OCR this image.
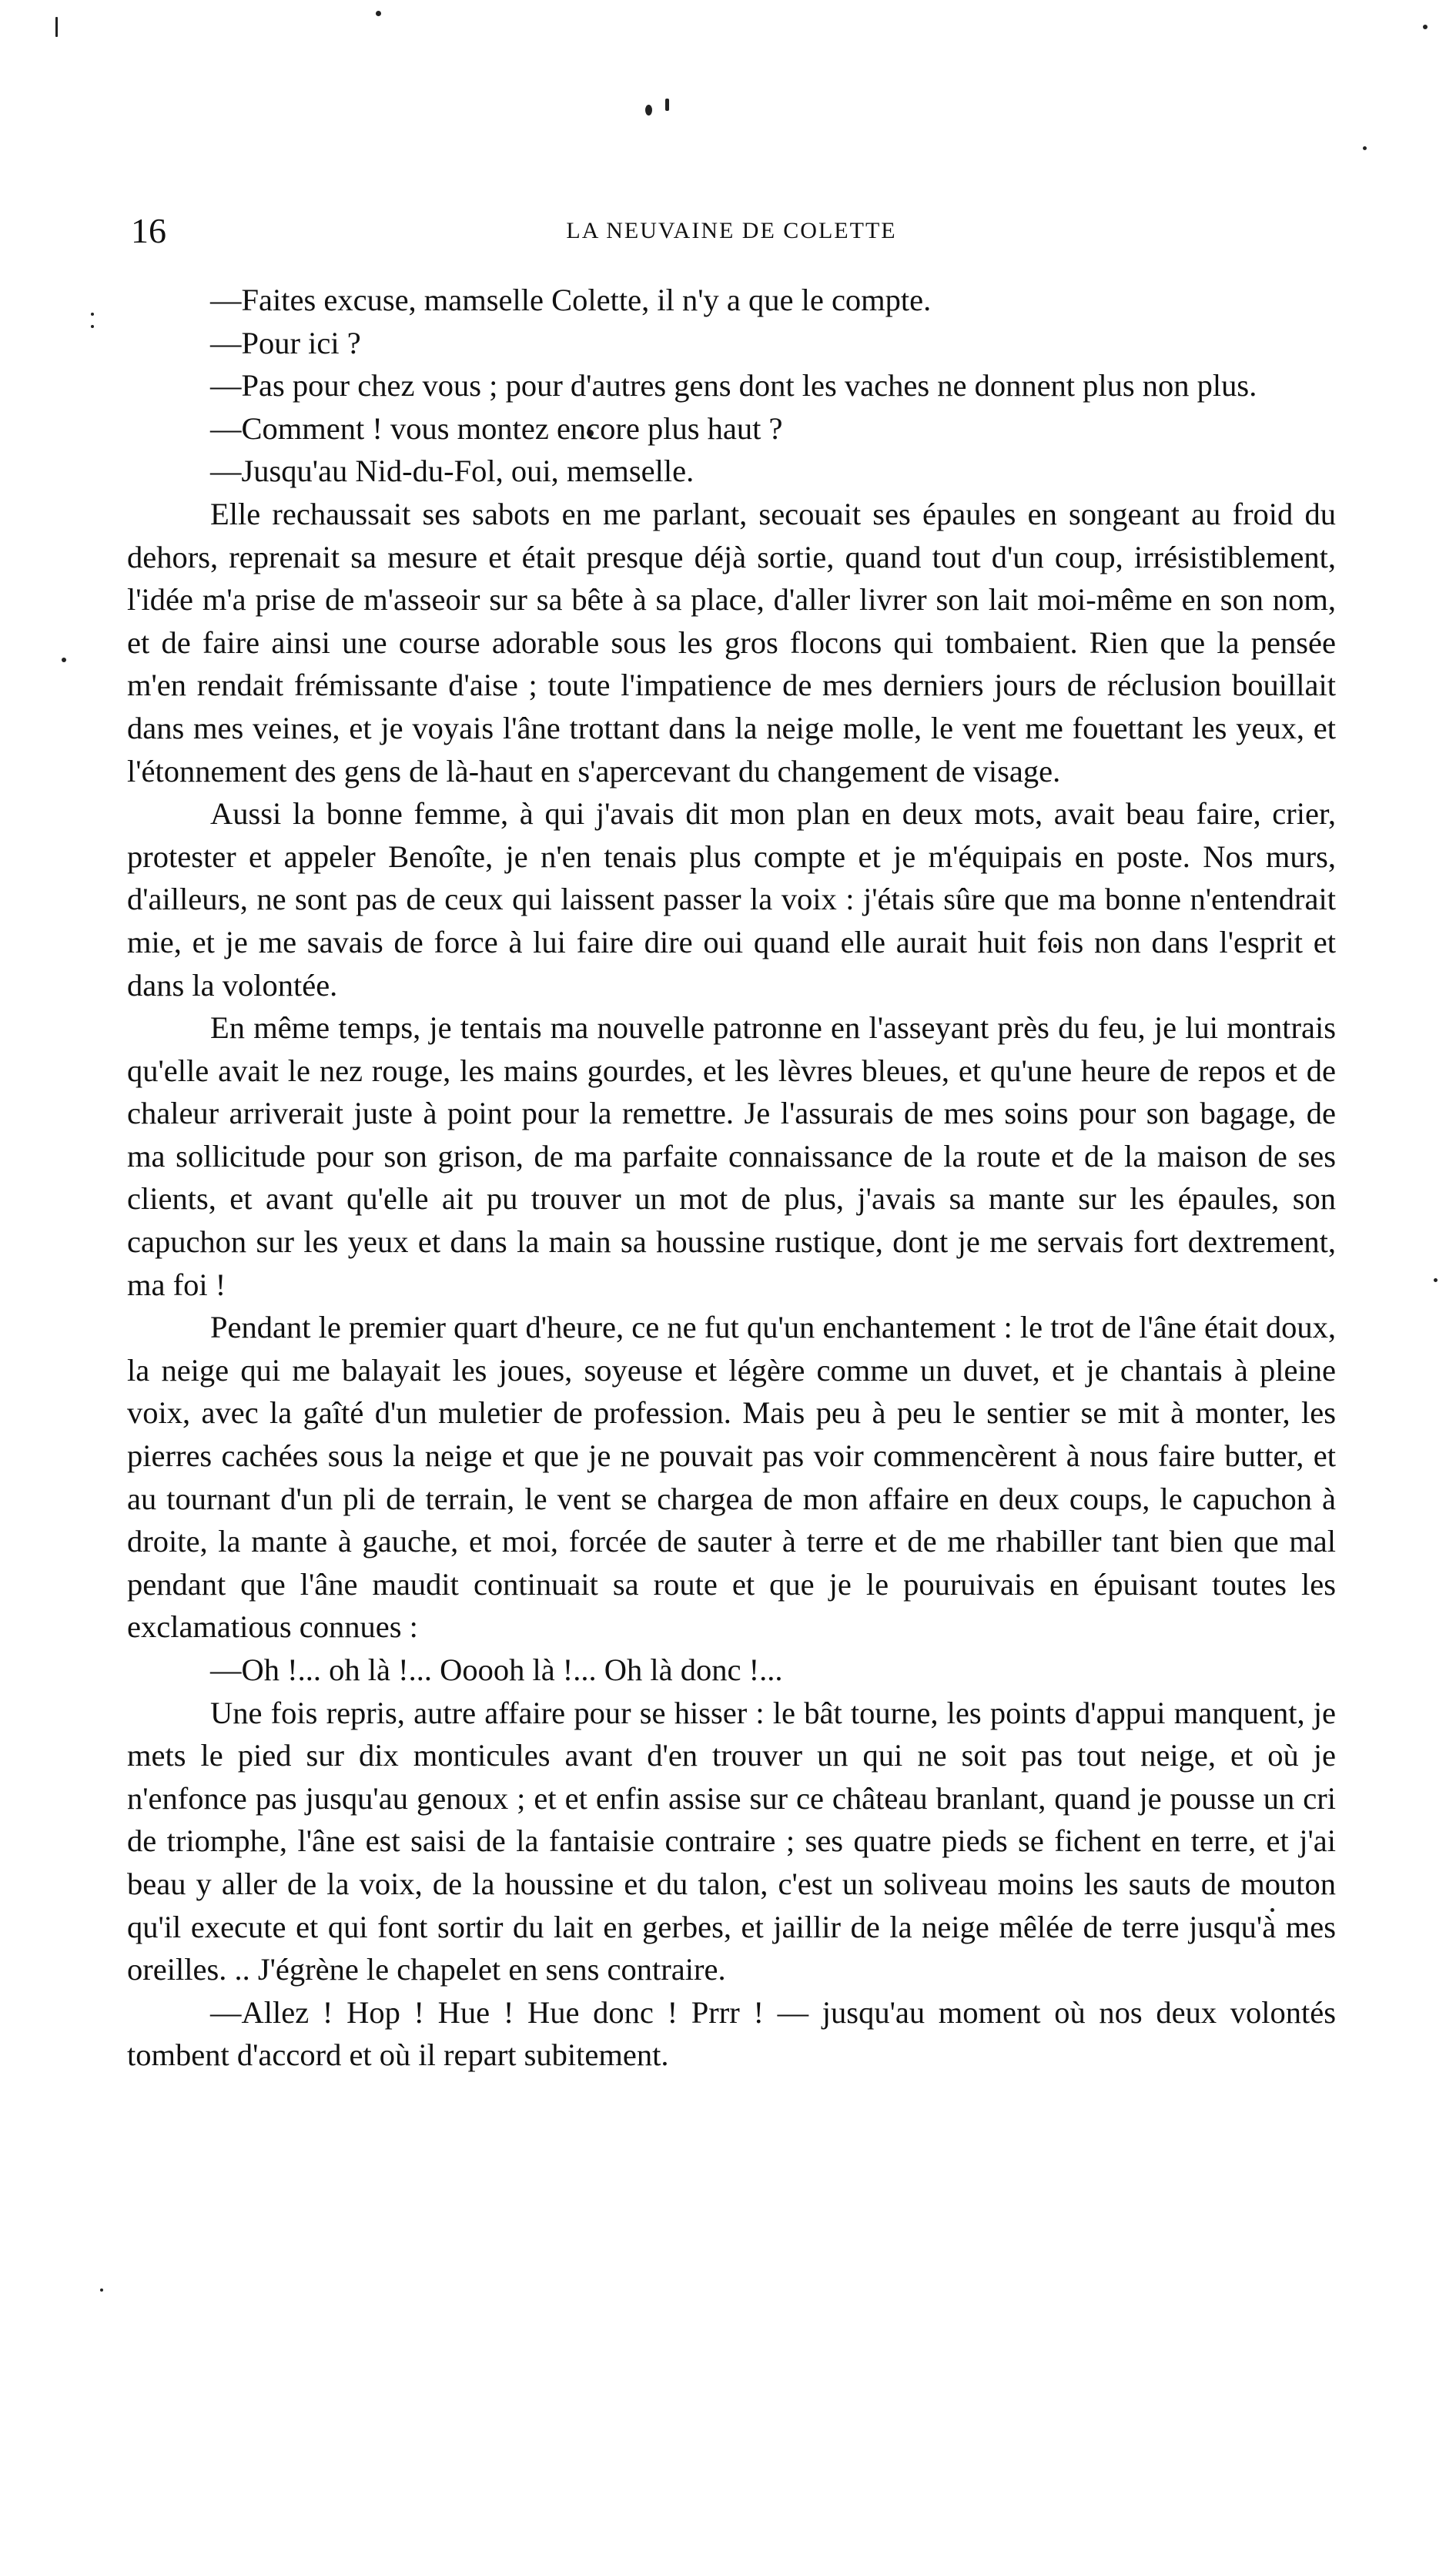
16	LA NEUVAINE DE COLETTE

—Faites excuse, mamselle Colette, il n'y a que le compte.

—Pour ici ?

—Pas pour chez vous ; pour d'autres gens dont les vaches ne donnent plus non plus.

—Comment ! vous montez encore plus haut ?

—Jusqu'au Nid-du-Fol, oui, memselle.

Elle rechaussait ses sabots en me parlant, secouait ses épaules en songeant au froid du dehors, reprenait sa mesure et était presque déjà sortie, quand tout d'un coup, irrésistiblement, l'idée m'a prise de m'asseoir sur sa bête à sa place, d'aller livrer son lait moi-même en son nom, et de faire ainsi une course adorable sous les gros flocons qui tombaient. Rien que la pensée m'en rendait frémissante d'aise ; toute l'impatience de mes derniers jours de réclusion bouillait dans mes veines, et je voyais l'âne trottant dans la neige molle, le vent me fouettant les yeux, et l'étonnement des gens de là-haut en s'apercevant du changement de visage.

Aussi la bonne femme, à qui j'avais dit mon plan en deux mots, avait beau faire, crier, protester et appeler Benoîte, je n'en tenais plus compte et je m'équipais en poste. Nos murs, d'ailleurs, ne sont pas de ceux qui laissent passer la voix : j'étais sûre que ma bonne n'entendrait mie, et je me savais de force à lui faire dire oui quand elle aurait huit fois non dans l'esprit et dans la volontée.

En même temps, je tentais ma nouvelle patronne en l'asseyant près du feu, je lui montrais qu'elle avait le nez rouge, les mains gourdes, et les lèvres bleues, et qu'une heure de repos et de chaleur arriverait juste à point pour la remettre. Je l'assurais de mes soins pour son bagage, de ma sollicitude pour son grison, de ma parfaite connaissance de la route et de la maison de ses clients, et avant qu'elle ait pu trouver un mot de plus, j'avais sa mante sur les épaules, son capuchon sur les yeux et dans la main sa houssine rustique, dont je me servais fort dextrement, ma foi !

Pendant le premier quart d'heure, ce ne fut qu'un enchantement : le trot de l'âne était doux, la neige qui me balayait les joues, soyeuse et légère comme un duvet, et je chantais à pleine voix, avec la gaîté d'un muletier de profession. Mais peu à peu le sentier se mit à monter, les pierres cachées sous la neige et que je ne pouvait pas voir commencèrent à nous faire butter, et au tournant d'un pli de terrain, le vent se chargea de mon affaire en deux coups, le capuchon à droite, la mante à gauche, et moi, forcée de sauter à terre et de me rhabiller tant bien que mal pendant que l'âne maudit continuait sa route et que je le pouruivais en épuisant toutes les exclamatious connues :

—Oh !... oh là !... Ooooh là !... Oh là donc !...

Une fois repris, autre affaire pour se hisser : le bât tourne, les points d'appui manquent, je mets le pied sur dix monticules avant d'en trouver un qui ne soit pas tout neige, et où je n'enfonce pas jusqu'au genoux ; et et enfin assise sur ce château branlant, quand je pousse un cri de triomphe, l'âne est saisi de la fantaisie contraire ; ses quatre pieds se fichent en terre, et j'ai beau y aller de la voix, de la houssine et du talon, c'est un soliveau moins les sauts de mouton qu'il execute et qui font sortir du lait en gerbes, et jaillir de la neige mêlée de terre jusqu'à mes oreilles. .. J'égrène le chapelet en sens contraire.

—Allez ! Hop ! Hue ! Hue donc ! Prrr ! — jusqu'au moment où nos deux volontés tombent d'accord et où il repart subitement.
